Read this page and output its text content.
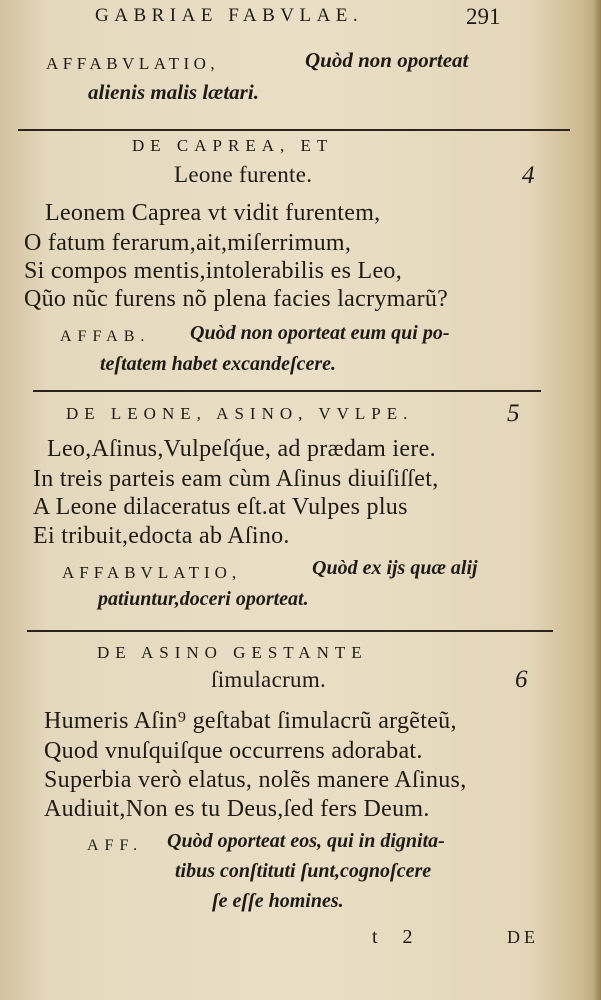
GABRIAE FABVLAE.	291
AFFABVLATIO,	Quòd non oporteat
alienis malis lætari.
DE CAPREA, ET
Leone furente.	4
Leonem Caprea vt vidit furentem,
O fatum ferarum,ait,miſerrimum,
Si compos mentis,intolerabilis es Leo,
Qũo nũc furens nõ plena facies lacrymarũ?
AFFAB. Quòd non oporteat eum qui po-
teſtatem habet excandeſcere.
DE LEONE, ASINO, VVLPE.	5
Leo,Aſinus,Vulpeſq́ue, ad prædam iere.
In treis parteis eam cùm Aſinus diuiſiſſet,
A Leone dilaceratus eſt.at Vulpes plus
Ei tribuit,edocta ab Aſino.
AFFABVLATIO,	Quòd ex ijs quæ alij
patiuntur,doceri oporteat.
DE ASINO GESTANTE
ſimulacrum.	6
Humeris Aſin⁹ geſtabat ſimulacrũ argẽteũ,
Quod vnuſquiſque occurrens adorabat.
Superbia verò elatus, nolẽs manere Aſinus,
Audiuit,Non es tu Deus,ſed fers Deum.
AFF. Quòd oporteat eos, qui in dignita-
tibus conſtituti ſunt,cognoſcere
ſe eſſe homines.
t 2	DE
